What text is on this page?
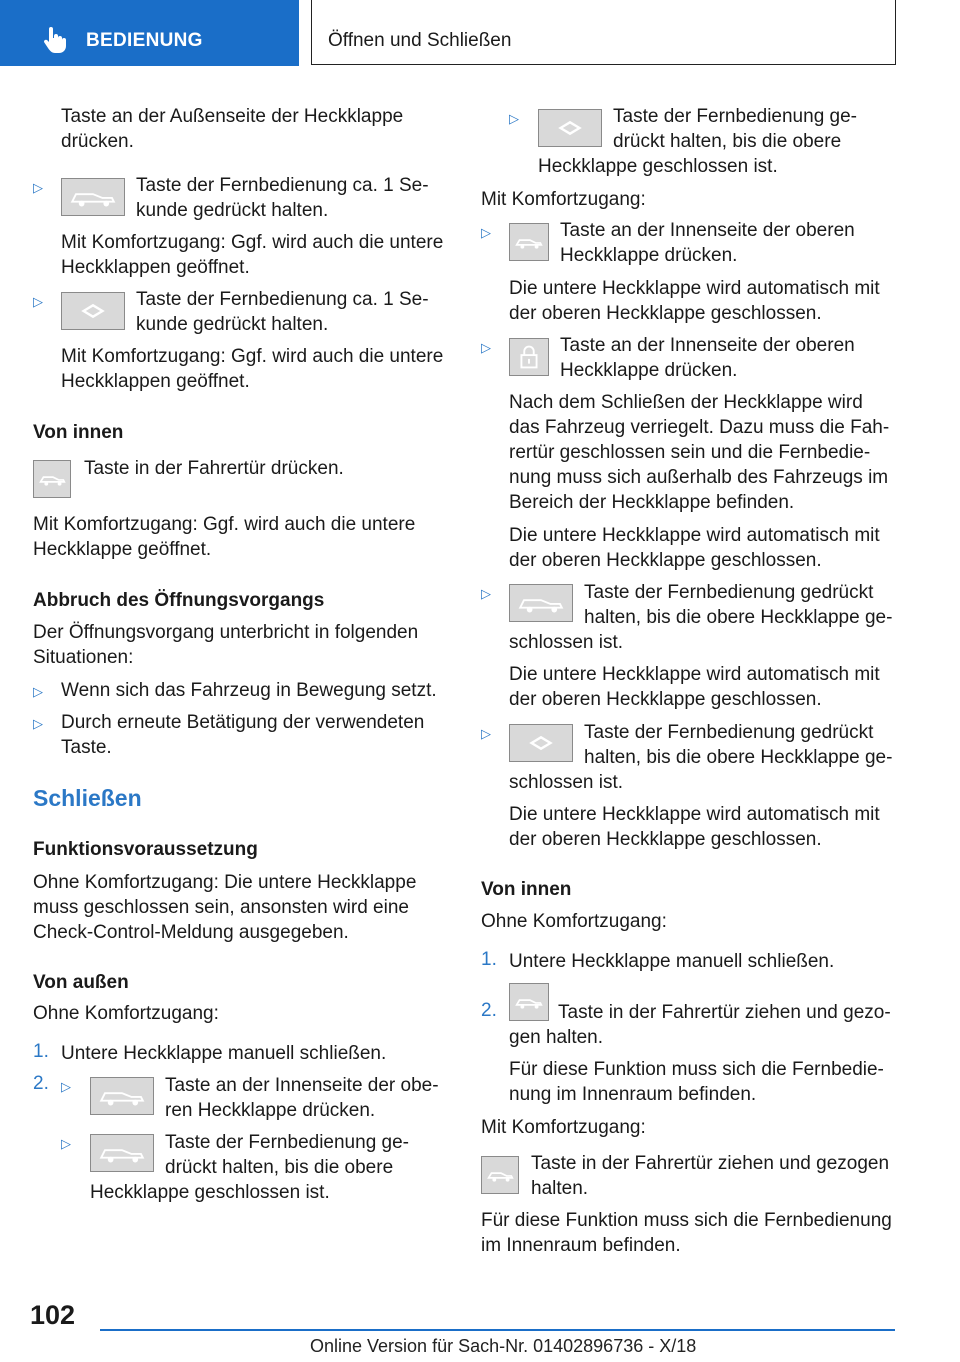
BEDIENUNG	Öffnen und Schließen
Taste an der Außenseite der Heckklappe
drücken.
▷	Taste der Fernbedienung ca. 1 Se-
kunde gedrückt halten.
Mit Komfortzugang: Ggf. wird auch die untere
Heckklappen geöffnet.
▷	Taste der Fernbedienung ca. 1 Se-
kunde gedrückt halten.
Mit Komfortzugang: Ggf. wird auch die untere
Heckklappen geöffnet.
Von innen
Taste in der Fahrertür drücken.
Mit Komfortzugang: Ggf. wird auch die untere
Heckklappe geöffnet.
Abbruch des Öffnungsvorgangs
Der Öffnungsvorgang unterbricht in folgenden
Situationen:
▷ Wenn sich das Fahrzeug in Bewegung setzt.
▷ Durch erneute Betätigung der verwendeten
Taste.
Schließen
Funktionsvoraussetzung
Ohne Komfortzugang: Die untere Heckklappe
muss geschlossen sein, ansonsten wird eine
Check-Control-Meldung ausgegeben.
Von außen
Ohne Komfortzugang:
1. Untere Heckklappe manuell schließen.
2. ▷	Taste an der Innenseite der obe-
ren Heckklappe drücken.
▷	Taste der Fernbedienung ge-
drückt halten, bis die obere
Heckklappe geschlossen ist.
▷	Taste der Fernbedienung ge-
drückt halten, bis die obere
Heckklappe geschlossen ist.
Mit Komfortzugang:
▷	Taste an der Innenseite der oberen
Heckklappe drücken.
Die untere Heckklappe wird automatisch mit
der oberen Heckklappe geschlossen.
▷	Taste an der Innenseite der oberen
Heckklappe drücken.
Nach dem Schließen der Heckklappe wird
das Fahrzeug verriegelt. Dazu muss die Fah-
rertür geschlossen sein und die Fernbedie-
nung muss sich außerhalb des Fahrzeugs im
Bereich der Heckklappe befinden.
Die untere Heckklappe wird automatisch mit
der oberen Heckklappe geschlossen.
▷	Taste der Fernbedienung gedrückt
halten, bis die obere Heckklappe ge-
schlossen ist.
Die untere Heckklappe wird automatisch mit
der oberen Heckklappe geschlossen.
▷	Taste der Fernbedienung gedrückt
halten, bis die obere Heckklappe ge-
schlossen ist.
Die untere Heckklappe wird automatisch mit
der oberen Heckklappe geschlossen.
Von innen
Ohne Komfortzugang:
1. Untere Heckklappe manuell schließen.
2.	Taste in der Fahrertür ziehen und gezo-
gen halten.
Für diese Funktion muss sich die Fernbedie-
nung im Innenraum befinden.
Mit Komfortzugang:
Taste in der Fahrertür ziehen und gezogen
halten.
Für diese Funktion muss sich die Fernbedienung
im Innenraum befinden.
102
Online Version für Sach-Nr. 01402896736 - X/18
